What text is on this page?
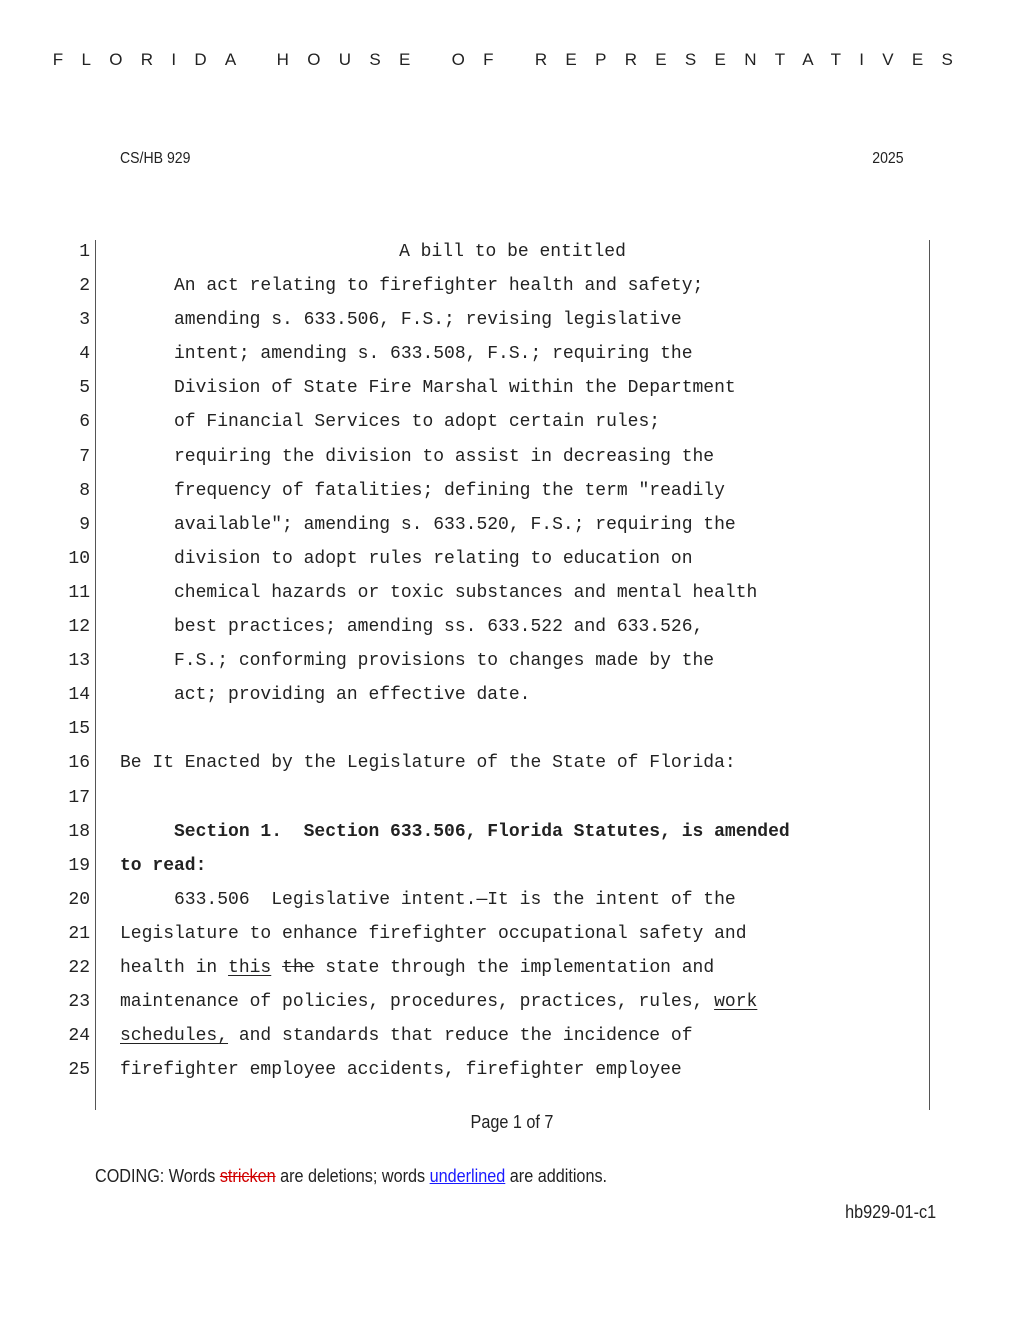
FLORIDA HOUSE OF REPRESENTATIVES
CS/HB 929	2025
1	A bill to be entitled
2 An act relating to firefighter health and safety;
3 amending s. 633.506, F.S.; revising legislative
4 intent; amending s. 633.508, F.S.; requiring the
5 Division of State Fire Marshal within the Department
6 of Financial Services to adopt certain rules;
7 requiring the division to assist in decreasing the
8 frequency of fatalities; defining the term "readily
9 available"; amending s. 633.520, F.S.; requiring the
10 division to adopt rules relating to education on
11 chemical hazards or toxic substances and mental health
12 best practices; amending ss. 633.522 and 633.526,
13 F.S.; conforming provisions to changes made by the
14 act; providing an effective date.
15
16 Be It Enacted by the Legislature of the State of Florida:
17
18 Section 1.  Section 633.506, Florida Statutes, is amended
19 to read:
20 633.506  Legislative intent.—It is the intent of the
21 Legislature to enhance firefighter occupational safety and
22 health in this the state through the implementation and
23 maintenance of policies, procedures, practices, rules, work
24 schedules, and standards that reduce the incidence of
25 firefighter employee accidents, firefighter employee
Page 1 of 7
CODING: Words stricken are deletions; words underlined are additions.
hb929-01-c1
